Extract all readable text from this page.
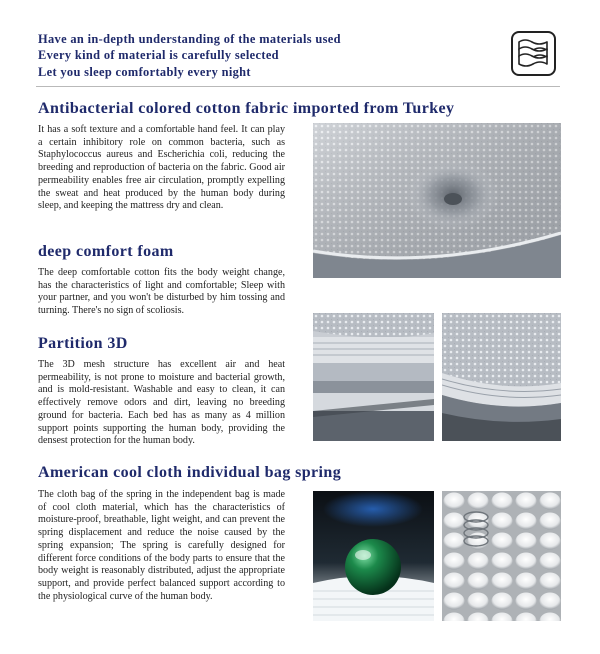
Have an in-depth understanding of the materials used
Every kind of material is carefully selected
Let you sleep comfortably every night
Antibacterial colored cotton fabric imported from Turkey
It has a soft texture and a comfortable hand feel. It can play a certain inhibitory role on common bacteria, such as Staphylococcus aureus and Escherichia coli, reducing the breeding and reproduction of bacteria on the fabric. Good air permeability enables free air circulation, promptly expelling the sweat and heat produced by the human body during sleep, and keeping the mattress dry and clean.
deep comfort foam
The deep comfortable cotton fits the body weight change, has the characteristics of light and comfortable; Sleep with your partner, and you won't be disturbed by him tossing and turning. There's no sign of scoliosis.
Partition 3D
The 3D mesh structure has excellent air and heat permeability, is not prone to moisture and bacterial growth, and is mold-resistant. Washable and easy to clean, it can effectively remove odors and dirt, leaving no breeding ground for bacteria. Each bed has as many as 4 million support points supporting the human body, providing the densest protection for the human body.
American cool cloth individual bag spring
The cloth bag of the spring in the independent bag is made of cool cloth material, which has the characteristics of moisture-proof, breathable, light weight, and can prevent the spring displacement and reduce the noise caused by the spring expansion; The spring is carefully designed for different force conditions of the body parts to ensure that the body weight is reasonably distributed, adjust the appropriate support, and provide perfect balanced support according to the physiological curve of the human body.
